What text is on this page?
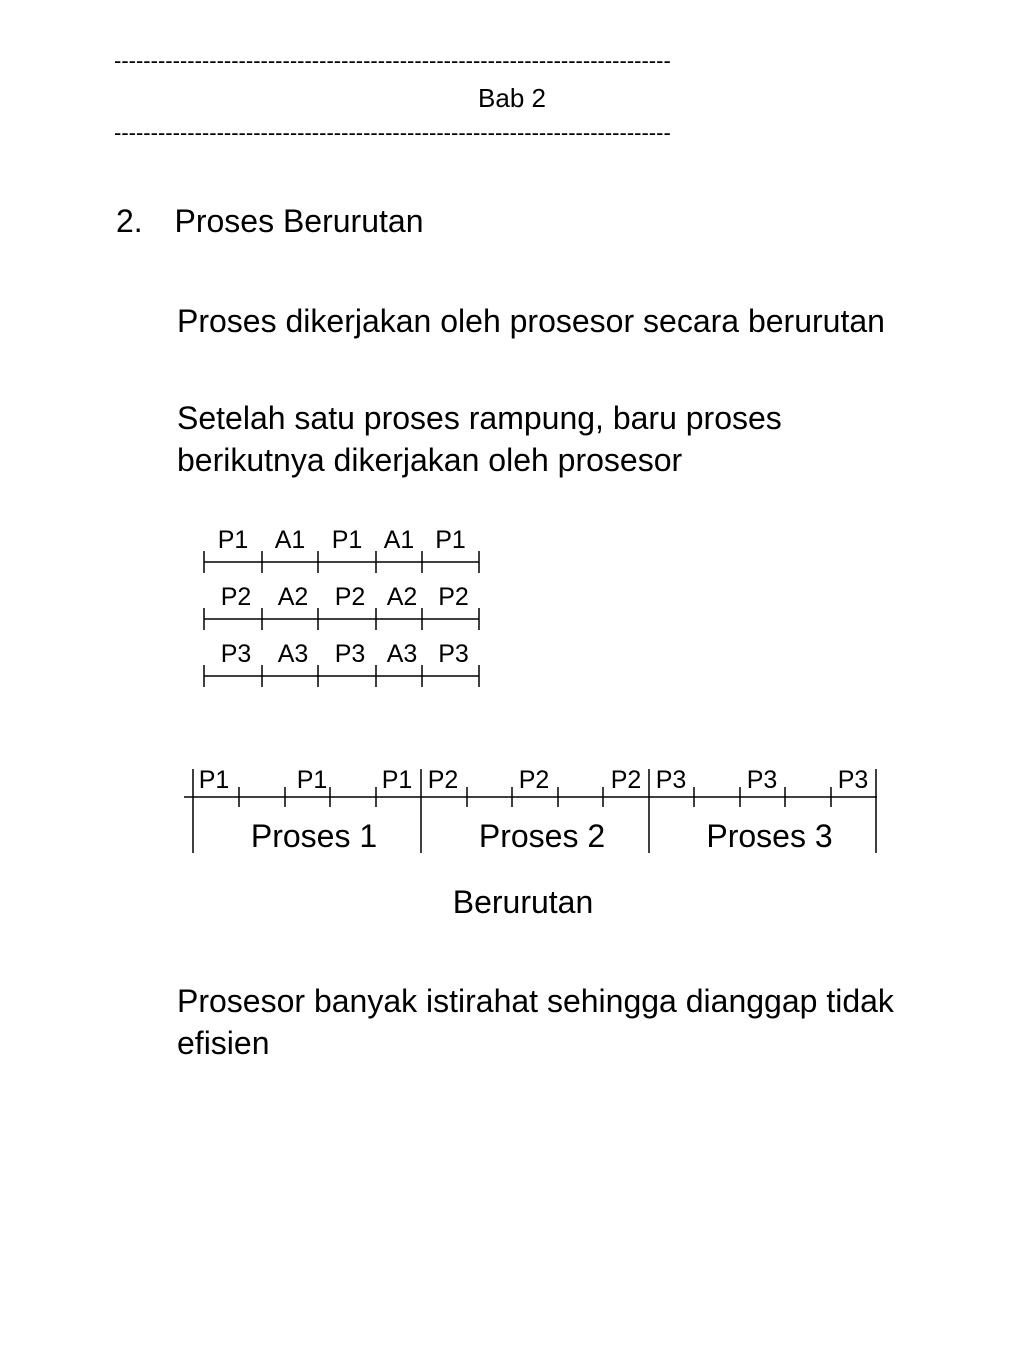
----------------------------------------------------------------------------
Bab 2
----------------------------------------------------------------------------
2. Proses Berurutan
Proses dikerjakan oleh prosesor secara berurutan
Setelah satu proses rampung, baru proses
berikutnya dikerjakan oleh prosesor
P1 A1 P1 A1 P1
P2 A2 P2 A2 P2
P3 A3 P3 A3 P3
P1	P1 P1 P2 P2 P2 P3 P3 P3
Proses 1	Proses 2	Proses 3
Berurutan
Prosesor banyak istirahat sehingga dianggap tidak
efisien
